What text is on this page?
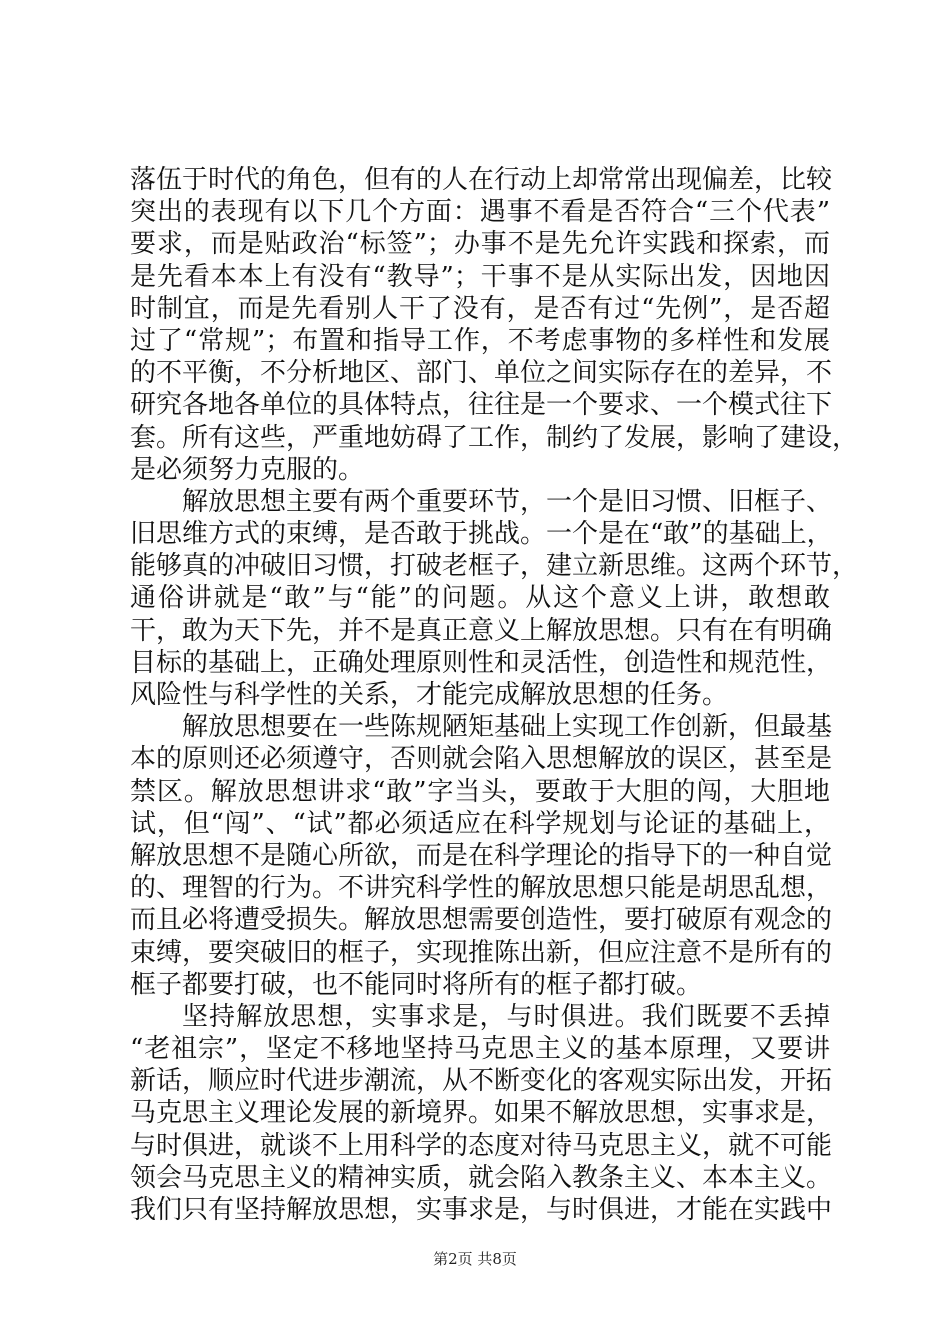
落伍于时代的角色，但有的人在行动上却常常出现偏差，比较
突出的表现有以下几个方面：遇事不看是否符合“三个代表”
要求，而是贴政治“标签”；办事不是先允许实践和探索，而
是先看本本上有没有“教导”；干事不是从实际出发，因地因
时制宜，而是先看别人干了没有，是否有过“先例”，是否超
过了“常规”；布置和指导工作，不考虑事物的多样性和发展
的不平衡，不分析地区、部门、单位之间实际存在的差异，不
研究各地各单位的具体特点，往往是一个要求、一个模式往下
套。所有这些，严重地妨碍了工作，制约了发展，影响了建设，
是必须努力克服的。
解放思想主要有两个重要环节，一个是旧习惯、旧框子、
旧思维方式的束缚，是否敢于挑战。一个是在“敢”的基础上，
能够真的冲破旧习惯，打破老框子，建立新思维。这两个环节，
通俗讲就是“敢”与“能”的问题。从这个意义上讲，敢想敢
干，敢为天下先，并不是真正意义上解放思想。只有在有明确
目标的基础上，正确处理原则性和灵活性，创造性和规范性，
风险性与科学性的关系，才能完成解放思想的任务。
解放思想要在一些陈规陋矩基础上实现工作创新，但最基
本的原则还必须遵守，否则就会陷入思想解放的误区，甚至是
禁区。解放思想讲求“敢”字当头，要敢于大胆的闯，大胆地
试，但“闯”、“试”都必须适应在科学规划与论证的基础上，
解放思想不是随心所欲，而是在科学理论的指导下的一种自觉
的、理智的行为。不讲究科学性的解放思想只能是胡思乱想，
而且必将遭受损失。解放思想需要创造性，要打破原有观念的
束缚，要突破旧的框子，实现推陈出新，但应注意不是所有的
框子都要打破，也不能同时将所有的框子都打破。
坚持解放思想，实事求是，与时俱进。我们既要不丢掉
“老祖宗”，坚定不移地坚持马克思主义的基本原理，又要讲
新话，顺应时代进步潮流，从不断变化的客观实际出发，开拓
马克思主义理论发展的新境界。如果不解放思想，实事求是，
与时俱进，就谈不上用科学的态度对待马克思主义，就不可能
领会马克思主义的精神实质，就会陷入教条主义、本本主义。
我们只有坚持解放思想，实事求是，与时俱进，才能在实践中
第2页 共8页
